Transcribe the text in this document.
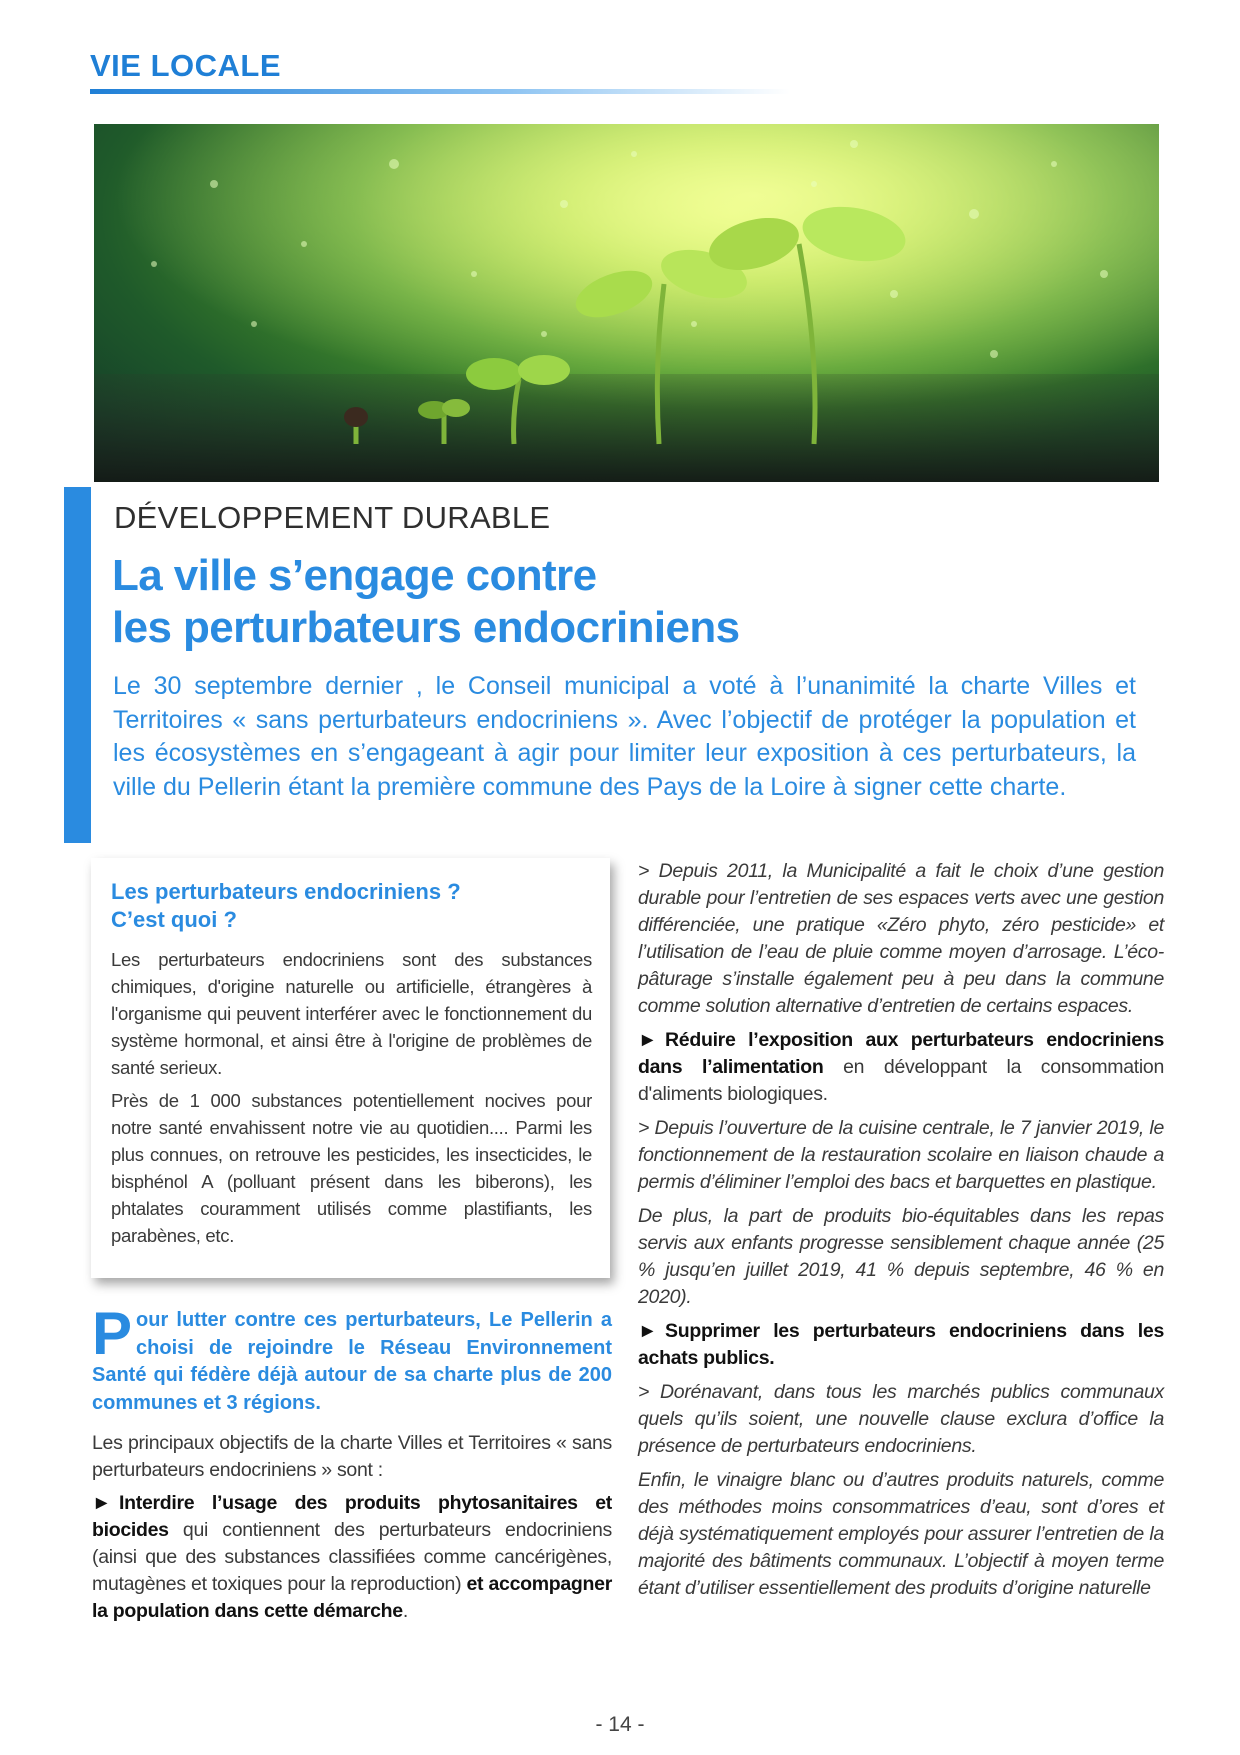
VIE LOCALE
DÉVELOPPEMENT DURABLE
La ville s’engage contre
les perturbateurs endocriniens
Le 30 septembre dernier , le Conseil municipal a voté à l’unanimité la charte Villes et Territoires « sans perturbateurs endocriniens ». Avec l’objectif de protéger la population et les écosystèmes en s’engageant à agir pour limiter leur exposition à ces perturbateurs, la ville du Pellerin étant la première commune des Pays de la Loire à signer cette charte.
Les perturbateurs endocriniens ?
C’est quoi ?

Les perturbateurs endocriniens sont des substances chimiques, d'origine naturelle ou artificielle, étrangères à l'organisme qui peuvent interférer avec le fonctionnement du système hormonal, et ainsi être à l'origine de problèmes de santé serieux.

Près de 1 000 substances potentiellement nocives pour notre santé envahissent notre vie au quotidien.... Parmi les plus connues, on retrouve les pesticides, les insecticides, le bisphénol A (polluant présent dans les biberons), les phtalates couramment utilisés comme plastifiants, les parabènes, etc.

Pour lutter contre ces perturbateurs, Le Pellerin a choisi de rejoindre le Réseau Environnement Santé qui fédère déjà autour de sa charte plus de 200 communes et 3 régions.

Les principaux objectifs de la charte Villes et Territoires « sans perturbateurs endocriniens » sont :

► Interdire l’usage des produits phytosanitaires et biocides qui contiennent des perturbateurs endocriniens (ainsi que des substances classifiées comme cancérigènes, mutagènes et toxiques pour la reproduction) et accompagner la population dans cette démarche.

> Depuis 2011, la Municipalité a fait le choix d’une gestion durable pour l’entretien de ses espaces verts avec une gestion différenciée, une pratique «Zéro phyto, zéro pesticide» et l’utilisation de l’eau de pluie comme moyen d’arrosage. L’éco-pâturage s’installe également peu à peu dans la commune comme solution alternative d’entretien de certains espaces.

► Réduire l’exposition aux perturbateurs endocriniens dans l’alimentation en développant la consommation d'aliments biologiques.

> Depuis l’ouverture de la cuisine centrale, le 7 janvier 2019, le fonctionnement de la restauration scolaire en liaison chaude a permis d’éliminer l’emploi des bacs et barquettes en plastique.

De plus, la part de produits bio-équitables dans les repas servis aux enfants progresse sensiblement chaque année (25 % jusqu’en juillet 2019, 41 % depuis septembre, 46 % en 2020).

► Supprimer les perturbateurs endocriniens dans les achats publics.

> Dorénavant, dans tous les marchés publics communaux quels qu’ils soient, une nouvelle clause exclura d’office la présence de perturbateurs endocriniens.

Enfin, le vinaigre blanc ou d’autres produits naturels, comme des méthodes moins consommatrices d’eau, sont d’ores et déjà systématiquement employés pour assurer l’entretien de la majorité des bâtiments communaux. L’objectif à moyen terme étant d’utiliser essentiellement des produits d’origine naturelle

- 14 -
